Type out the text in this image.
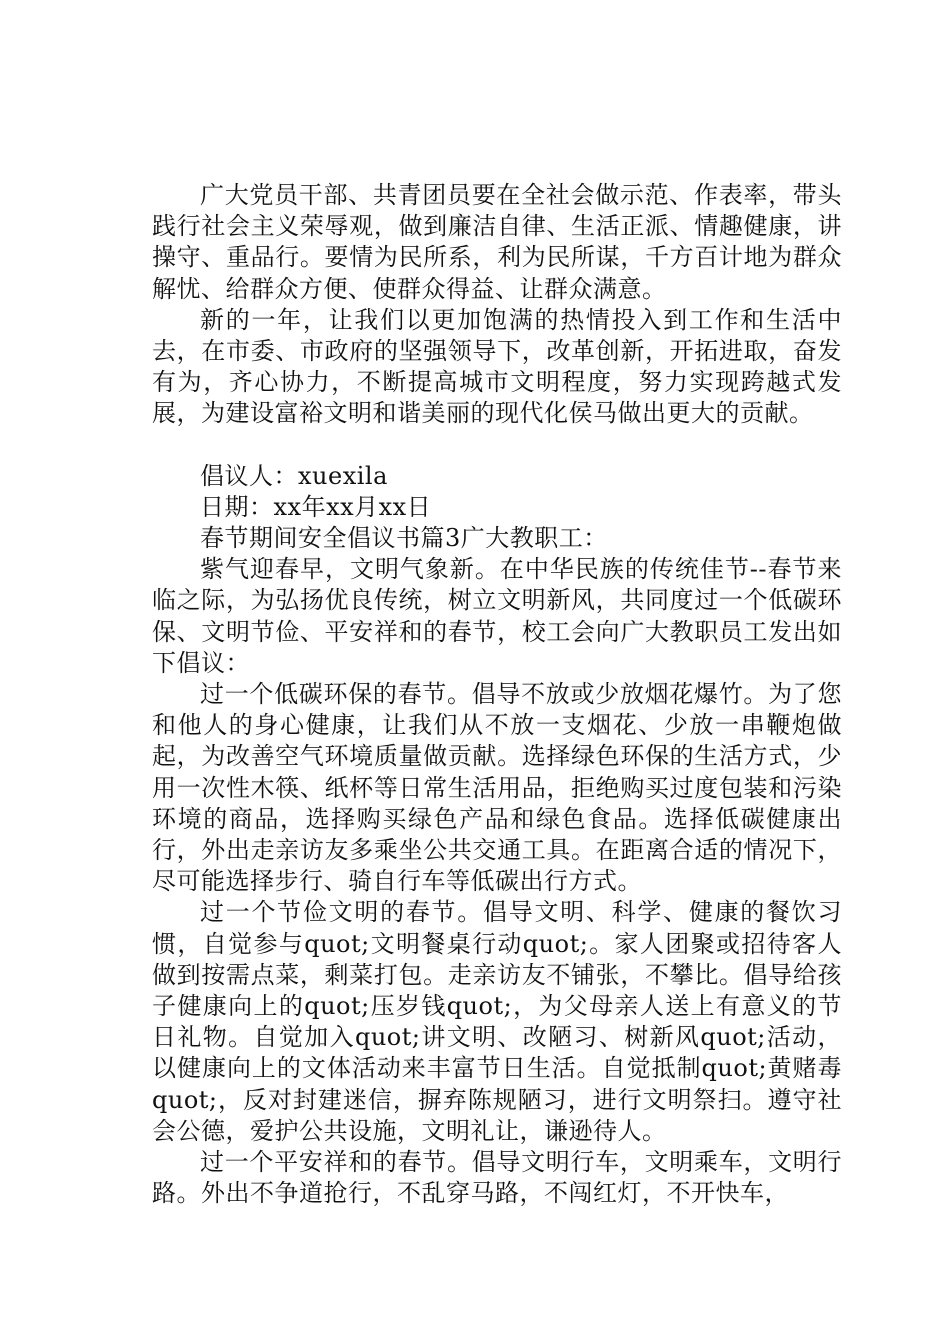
广大党员干部、共青团员要在全社会做示范、作表率，带头践行社会主义荣辱观，做到廉洁自律、生活正派、情趣健康，讲操守、重品行。要情为民所系，利为民所谋，千方百计地为群众解忧、给群众方便、使群众得益、让群众满意。

新的一年，让我们以更加饱满的热情投入到工作和生活中去，在市委、市政府的坚强领导下，改革创新，开拓进取，奋发有为，齐心协力，不断提高城市文明程度，努力实现跨越式发展，为建设富裕文明和谐美丽的现代化侯马做出更大的贡献。

倡议人：xuexila

日期：xx年xx月xx日

春节期间安全倡议书篇3广大教职工：

紫气迎春早，文明气象新。在中华民族的传统佳节--春节来临之际，为弘扬优良传统，树立文明新风，共同度过一个低碳环保、文明节俭、平安祥和的春节，校工会向广大教职员工发出如下倡议：

过一个低碳环保的春节。倡导不放或少放烟花爆竹。为了您和他人的身心健康，让我们从不放一支烟花、少放一串鞭炮做起，为改善空气环境质量做贡献。选择绿色环保的生活方式，少用一次性木筷、纸杯等日常生活用品，拒绝购买过度包装和污染环境的商品，选择购买绿色产品和绿色食品。选择低碳健康出行，外出走亲访友多乘坐公共交通工具。在距离合适的情况下，尽可能选择步行、骑自行车等低碳出行方式。

过一个节俭文明的春节。倡导文明、科学、健康的餐饮习惯，自觉参与quot;文明餐桌行动quot;。家人团聚或招待客人做到按需点菜，剩菜打包。走亲访友不铺张，不攀比。倡导给孩子健康向上的quot;压岁钱quot;，为父母亲人送上有意义的节日礼物。自觉加入quot;讲文明、改陋习、树新风quot;活动，以健康向上的文体活动来丰富节日生活。自觉抵制quot;黄赌毒quot;，反对封建迷信，摒弃陈规陋习，进行文明祭扫。遵守社会公德，爱护公共设施，文明礼让，谦逊待人。

过一个平安祥和的春节。倡导文明行车，文明乘车，文明行路。外出不争道抢行，不乱穿马路，不闯红灯，不开快车，
